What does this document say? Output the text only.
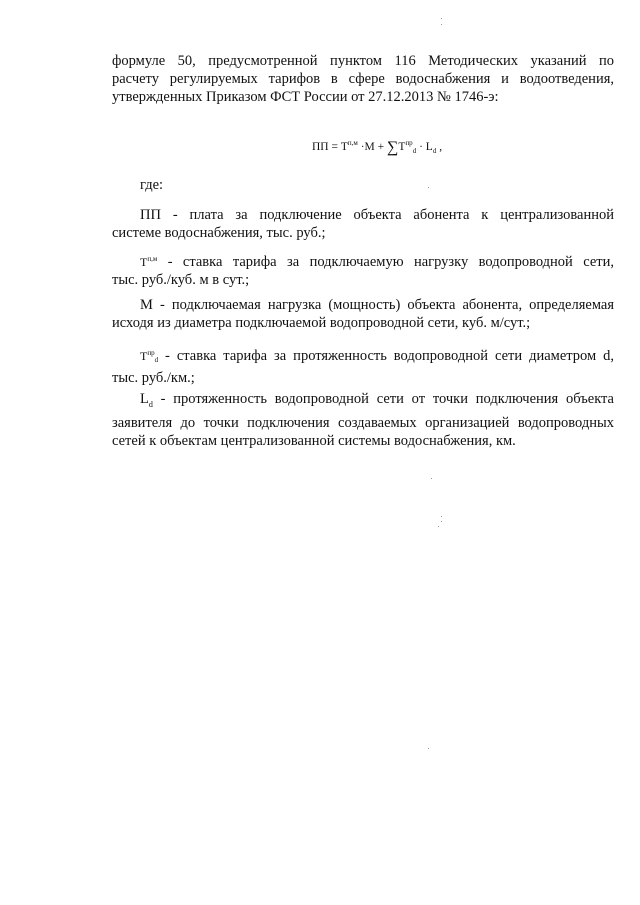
формуле 50, предусмотренной пунктом 116 Методических указаний по
расчету регулируемых тарифов в сфере водоснабжения и водоотведения,
утвержденных Приказом ФСТ России от 27.12.2013 № 1746-э:

ПП = $T^{п,м} \cdot М + \sum T^{пр}_d \cdot L_d$ ,

где:

ПП - плата за подключение объекта абонента к централизованной
системе водоснабжения, тыс. руб.;

$T^{п,м}$ - ставка тарифа за подключаемую нагрузку водопроводной сети,
тыс. руб./куб. м в сут.;

М - подключаемая нагрузка (мощность) объекта абонента, определяемая
исходя из диаметра подключаемой водопроводной сети, куб. м/сут.;

$T^{пр}_d$ - ставка тарифа за протяженность водопроводной сети диаметром d,
тыс. руб./км.;

$L_d$ - протяженность водопроводной сети от точки подключения объекта
заявителя до точки подключения создаваемых организацией водопроводных
сетей к объектам централизованной системы водоснабжения, км.
